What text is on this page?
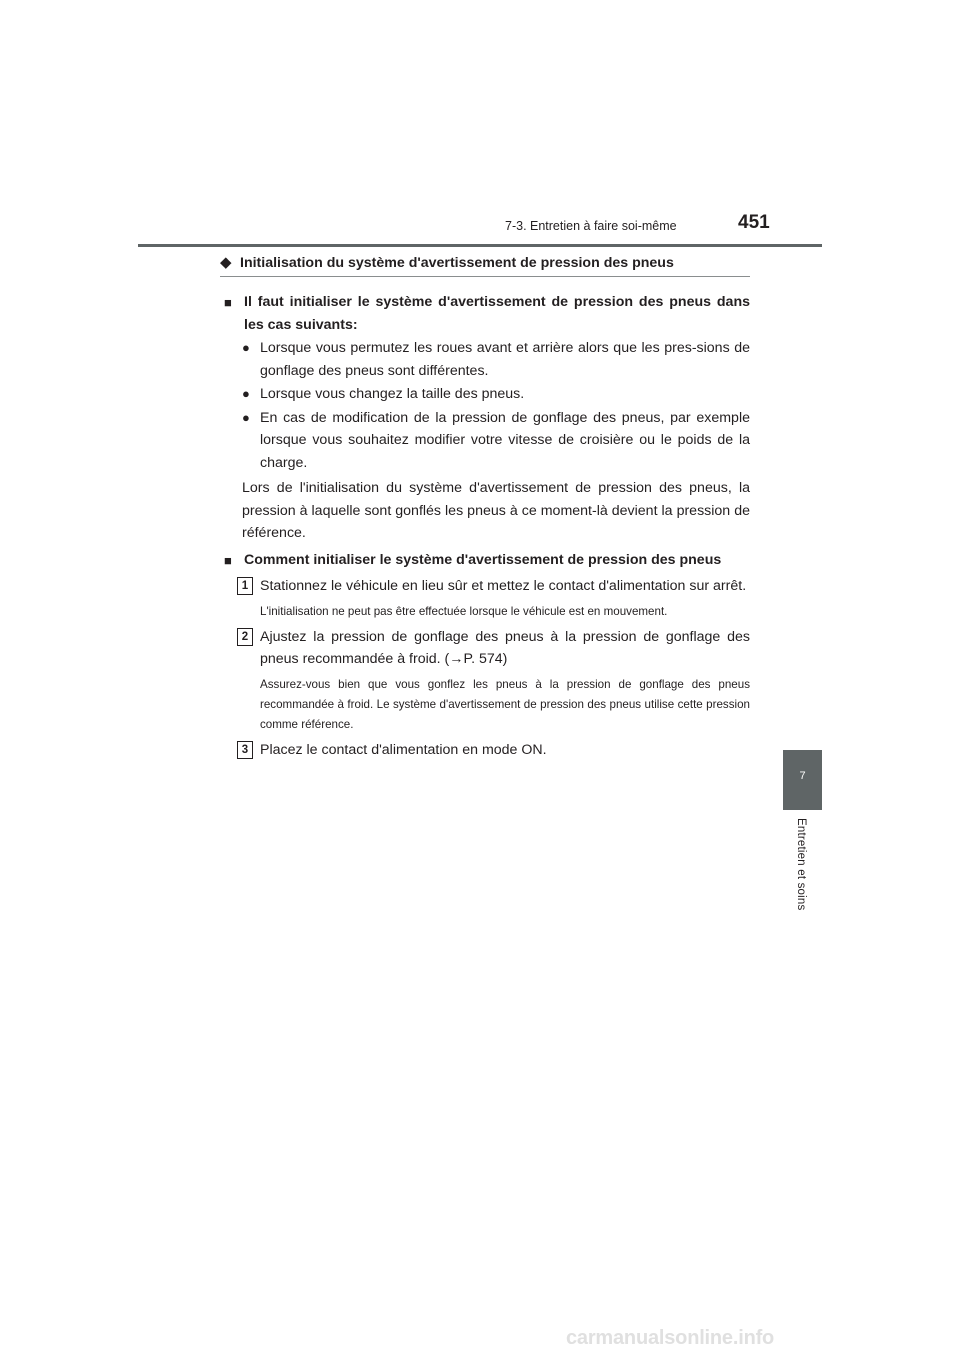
7-3. Entretien à faire soi-même	451
7
Entretien et soins
◆ Initialisation du système d'avertissement de pression des pneus
■ Il faut initialiser le système d'avertissement de pression des pneus dans les cas suivants:
● Lorsque vous permutez les roues avant et arrière alors que les pres-sions de gonflage des pneus sont différentes.
● Lorsque vous changez la taille des pneus.
● En cas de modification de la pression de gonflage des pneus, par exemple lorsque vous souhaitez modifier votre vitesse de croisière ou le poids de la charge.
Lors de l'initialisation du système d'avertissement de pression des pneus, la pression à laquelle sont gonflés les pneus à ce moment-là devient la pression de référence.
■ Comment initialiser le système d'avertissement de pression des pneus
1 Stationnez le véhicule en lieu sûr et mettez le contact d'alimentation sur arrêt.
L'initialisation ne peut pas être effectuée lorsque le véhicule est en mouvement.
2 Ajustez la pression de gonflage des pneus à la pression de gonflage des pneus recommandée à froid. (→P. 574)
Assurez-vous bien que vous gonflez les pneus à la pression de gonflage des pneus recommandée à froid. Le système d'avertissement de pression des pneus utilise cette pression comme référence.
3 Placez le contact d'alimentation en mode ON.
carmanualsonline.info
